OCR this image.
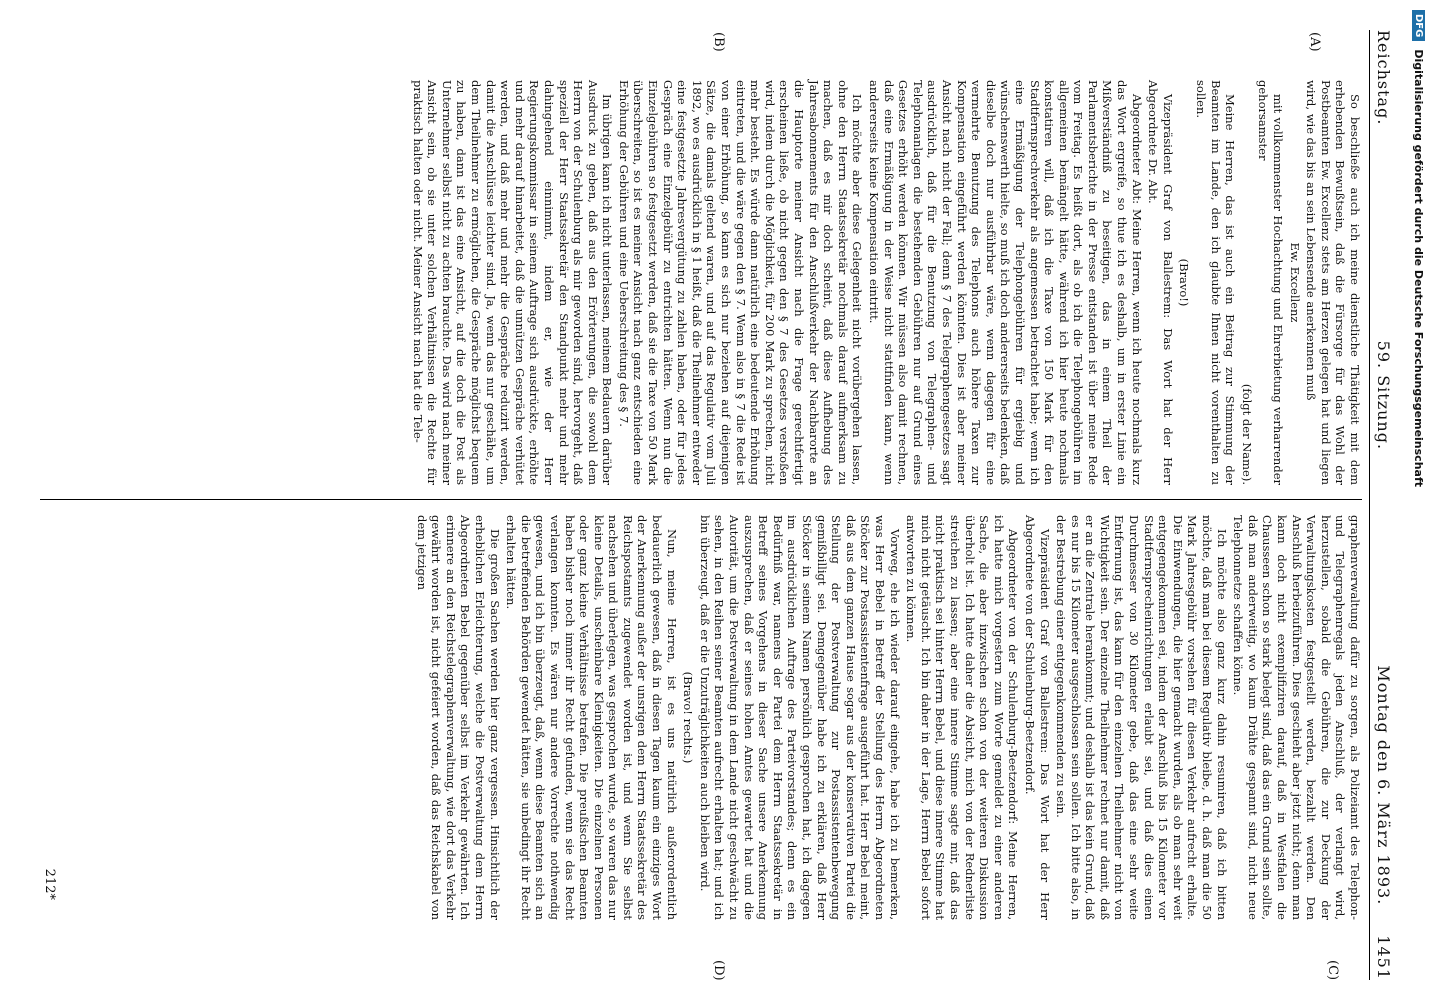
Reichstag.
59. Sitzung.
Montag den 6. März 1893.
1451
(A)
(B)
(C)
(D)

So beschließe auch ich meine dienstliche Thätigkeit mit dem erhebenden Bewußtsein, daß die Fürsorge für das Wohl der Postbeamten Ew. Excellenz stets am Herzen gelegen hat und liegen wird, wie das bis an sein Lebensende anerkennen muß

Ew. Excellenz

mit vollkommenster Hochachtung und Ehrerbietung verharrender gehorsamster

(folgt der Name).

Meine Herren, das ist auch ein Beitrag zur Stimmung der Beamten im Lande, den ich glaubte Ihnen nicht vorenthalten zu sollen.

(Bravo!)

Vizepräsident Graf von Ballestrem: Das Wort hat der Herr Abgeordnete Dr. Abt.

Abgeordneter Abt: Meine Herren, wenn ich heute nochmals kurz das Wort ergreife, so thue ich es deshalb, um in erster Linie ein Mißverständniß zu beseitigen, das in einem Theil der Parlamentsberichte in der Presse entstanden ist über meine Rede vom Freitag. Es heißt dort, als ob ich die Telephongebühren im allgemeinen bemängelt hätte, während ich hier heute nochmals konstatiren will, daß ich die Taxe von 150 Mark für den Stadtfernsprechverkehr als angemessen betrachtet habe; wenn ich eine Ermäßigung der Telephongebühren für ergiebig und wünschenswerth hielte, so muß ich doch andererseits bedenken, daß dieselbe doch nur ausführbar wäre, wenn dagegen für eine vermehrte Benutzung des Telephons auch höhere Taxen zur Kompensation eingeführt werden könnten. Dies ist aber meiner Ansicht nach nicht der Fall; denn § 7 des Telegraphengesetzes sagt ausdrücklich, daß für die Benutzung von Telegraphen- und Telephonanlagen die bestehenden Gebühren nur auf Grund eines Gesetzes erhöht werden können. Wir müssen also damit rechnen, daß eine Ermäßigung in der Weise nicht stattfinden kann, wenn andererseits keine Kompensation eintritt.

Ich möchte aber diese Gelegenheit nicht vorübergehen lassen, ohne den Herrn Staatssekretär nochmals darauf aufmerksam zu machen, daß es mir doch scheint, daß diese Aufhebung des Jahresabonnements für den Anschlußverkehr der Nachbarorte an die Hauptorte meiner Ansicht nach die Frage gerechtfertigt erscheinen ließe, ob nicht gegen den § 7 des Gesetzes verstoßen wird, indem durch die Möglichkeit, für 200 Mark zu sprechen, nicht mehr besteht. Es würde dann natürlich eine bedeutende Erhöhung eintreten, und die wäre gegen den § 7. Wenn also in § 7 die Rede ist von einer Erhöhung, so kann es sich nur beziehen auf diejenigen Sätze, die damals geltend waren, und auf das Regulativ vom Juli 1892, wo es ausdrücklich in § 1 heißt, daß die Theilnehmer entweder eine festgesetzte Jahresvergütung zu zahlen haben, oder für jedes Gespräch eine Einzelgebühr zu entrichten hätten. Wenn nun die Einzelgebühren so festgesetzt werden, daß sie die Taxe von 50 Mark überschreiten, so ist es meiner Ansicht nach ganz entschieden eine Erhöhung der Gebühren und eine Ueberschreitung des § 7.

Im übrigen kann ich nicht unterlassen, meinem Bedauern darüber Ausdruck zu geben, daß aus den Erörterungen, die sowohl dem Herrn von der Schulenburg als mir geworden sind, hervorgeht, daß speziell der Herr Staatssekretär den Standpunkt mehr und mehr dahingehend einnimmt, indem er, wie der Herr Regierungskommissar in seinem Auftrage sich ausdrückte, erhöhte und mehr darauf hinarbeitet, daß die unnützen Gespräche verhütet werden, und daß mehr und mehr die Gespräche reduzirt werden, damit die Anschlüsse leichter sind. Ja, wenn das nur geschähe, um dem Theilnehmer zu ermöglichen, die Gespräche möglichst bequem zu haben, dann ist das eine Ansicht, auf die doch die Post als Unternehmer selbst nicht zu achten brauchte. Das wird nach meiner Ansicht sein, ob sie unter solchen Verhältnissen die Rechte für praktisch halten oder nicht. Meiner Ansicht nach hat die Tele-

graphenverwaltung dafür zu sorgen, als Polizeiamt des Telephon- und Telegraphenregals jeden Anschluß, der verlangt wird, herzustellen, sobald die Gebühren, die zur Deckung der Verwaltungskosten festgestellt werden, bezahlt werden. Den Anschluß herbeizuführen. Dies geschieht aber jetzt nicht; denn man kann doch nicht exemplifiziren darauf, daß in Westfalen die Chausseen schon so stark belegt sind, daß das ein Grund sein sollte, daß man anderweitig, wo kaum Drähte gespannt sind, nicht neue Telephonnetze schaffen könne.

Ich möchte also ganz kurz dahin resumiren, daß ich bitten möchte, daß man bei diesem Regulativ bleibe, d. h. daß man die 50 Mark Jahresgebühr vorsehen für diesen Verkehr aufrecht erhalte. Die Einwendungen, die hier gemacht wurden, als ob man sehr weit entgegengekommen sei, indem der Anschluß bis 15 Kilometer vor Stadtfernsprecheinrichtungen erlaubt sei, und daß dies einen Durchmesser von 30 Kilometer gebe, daß das eine sehr weite Entfernung ist, das kann für den einzelnen Theilnehmer nicht von Wichtigkeit sein. Der einzelne Theilnehmer rechnet nur damit, daß er an die Zentrale herankommt; und deshalb ist das kein Grund, daß es nur bis 15 Kilometer ausgeschlossen sein sollen. Ich bitte also, in der Bestrebung einer entgegenkommenden zu sein.

Vizepräsident Graf von Ballestrem: Das Wort hat der Herr Abgeordnete von der Schulenburg-Beetzendorf.

Abgeordneter von der Schulenburg-Beetzendorf: Meine Herren, ich hatte mich vorgestern zum Worte gemeldet zu einer anderen Sache, die aber inzwischen schon von der weiteren Diskussion überholt ist. Ich hatte daher die Absicht, mich von der Rednerliste streichen zu lassen; aber eine innere Stimme sagte mir, daß das nicht praktisch sei hinter Herrn Bebel, und diese innere Stimme hat mich nicht getäuscht. Ich bin daher in der Lage, Herrn Bebel sofort antworten zu können.

Vorweg, ehe ich wieder darauf eingehe, habe ich zu bemerken, was Herr Bebel in Betreff der Stellung des Herrn Abgeordneten Stöcker zur Postassistentenfrage ausgeführt hat. Herr Bebel meint, daß aus dem ganzen Hause sogar aus der konservativen Partei die Stellung der Postverwaltung zur Postassistentenbewegung gemißbilligt sei. Demgegenüber habe ich zu erklären, daß Herr Stöcker in seinem Namen persönlich gesprochen hat, ich dagegen im ausdrücklichen Auftrage des Parteivorstandes; denn es ein Bedürfniß war, namens der Partei dem Herrn Staatssekretär in Betreff seines Vorgehens in dieser Sache unsere Anerkennung auszusprechen, daß er seines hohen Amtes gewartet hat und die Autorität, um die Postverwaltung in dem Lande nicht geschwächt zu sehen, in den Reihen seiner Beamten aufrecht erhalten hat; und ich bin überzeugt, daß er die Unzuträglichkeiten auch bleiben wird.

(Bravo! rechts.)

Nun, meine Herren, ist es uns natürlich außerordentlich bedauerlich gewesen, daß in diesen Tagen kaum ein einziges Wort der Anerkennung außer der unsrigen dem Herrn Staatssekretär des Reichspostamts zugewendet worden ist, und wenn Sie selbst nachsehen und überlegen, was gesprochen wurde, so waren das nur kleine Details, unscheinbare Kleinigkeiten. Die einzelnen Personen oder ganz kleine Verhältnisse betrafen. Die preußischen Beamten haben bisher noch immer ihr Recht gefunden, wenn sie das Recht verlangen konnten. Es wären nur andere Vorrechte nothwendig gewesen, und ich bin überzeugt, daß, wenn diese Beamten sich an die betreffenden Behörden gewendet hätten, sie unbedingt ihr Recht erhalten hätten.

Die großen Sachen werden hier ganz vergessen. Hinsichtlich der erheblichen Erleichterung, welche die Postverwaltung dem Herrn Abgeordneten Bebel gegenüber selbst im Verkehr gewährten. Ich erinnere an den Reichstelegraphenverwaltung, wie dort das Verkehr gewährt worden ist, nicht gefeiert worden, daß das Reichskabel von dem jetzigen

212*
DFG
Digitalisierung gefördert durch die Deutsche Forschungsgemeinschaft
